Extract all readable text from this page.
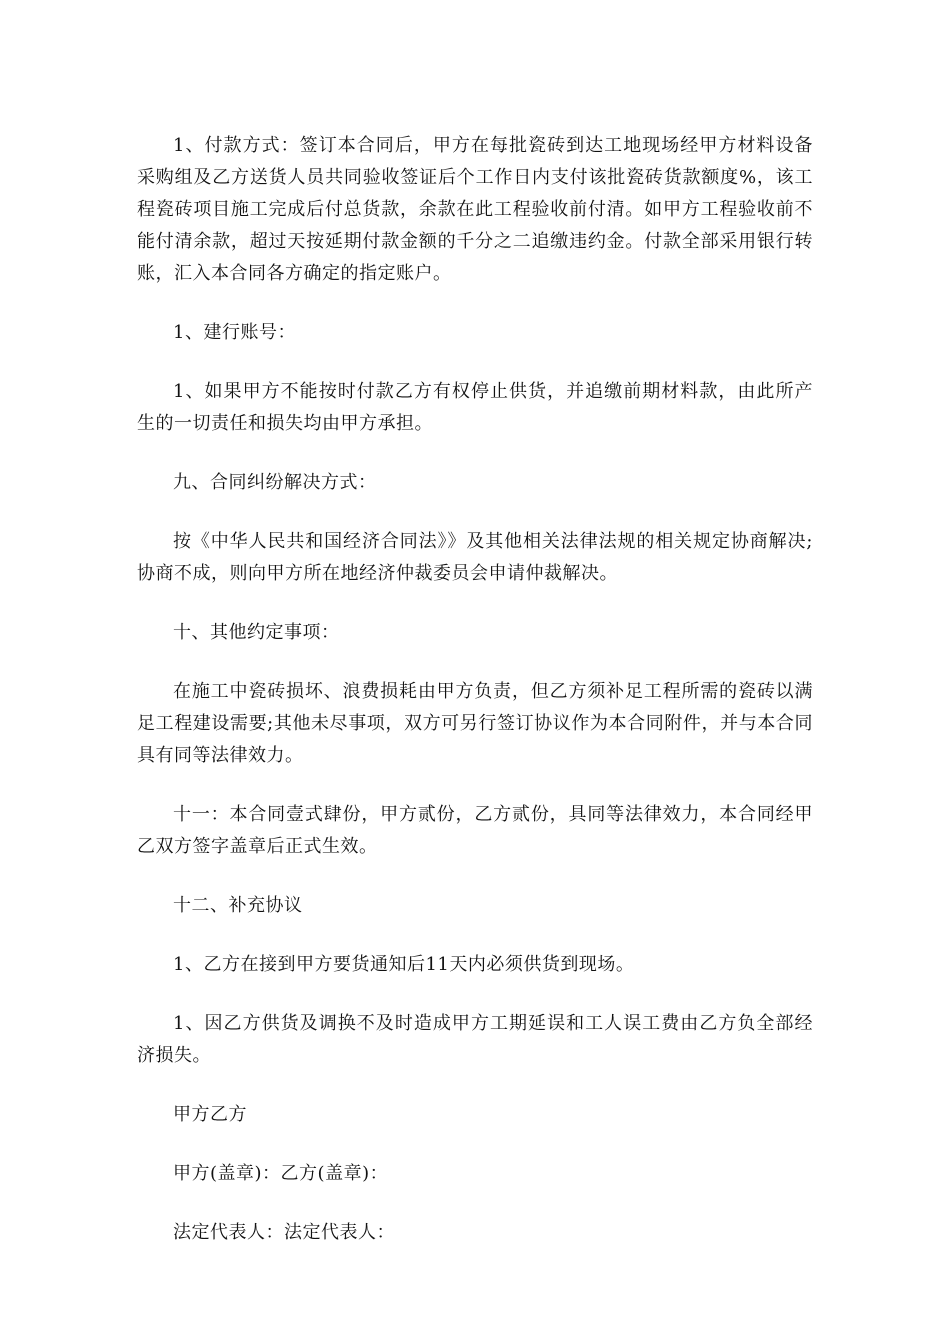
1、付款方式：签订本合同后，甲方在每批瓷砖到达工地现场经甲方材料设备采购组及乙方送货人员共同验收签证后个工作日内支付该批瓷砖货款额度%，该工程瓷砖项目施工完成后付总货款，余款在此工程验收前付清。如甲方工程验收前不能付清余款，超过天按延期付款金额的千分之二追缴违约金。付款全部采用银行转账，汇入本合同各方确定的指定账户。

1、建行账号：

1、如果甲方不能按时付款乙方有权停止供货，并追缴前期材料款，由此所产生的一切责任和损失均由甲方承担。

九、合同纠纷解决方式：

按《中华人民共和国经济合同法》》及其他相关法律法规的相关规定协商解决;协商不成，则向甲方所在地经济仲裁委员会申请仲裁解决。

十、其他约定事项：

在施工中瓷砖损坏、浪费损耗由甲方负责，但乙方须补足工程所需的瓷砖以满足工程建设需要;其他未尽事项，双方可另行签订协议作为本合同附件，并与本合同具有同等法律效力。

十一：本合同壹式肆份，甲方贰份，乙方贰份，具同等法律效力，本合同经甲乙双方签字盖章后正式生效。

十二、补充协议

1、乙方在接到甲方要货通知后11天内必须供货到现场。

1、因乙方供货及调换不及时造成甲方工期延误和工人误工费由乙方负全部经济损失。

甲方乙方

甲方(盖章)：乙方(盖章)：

法定代表人：法定代表人：
